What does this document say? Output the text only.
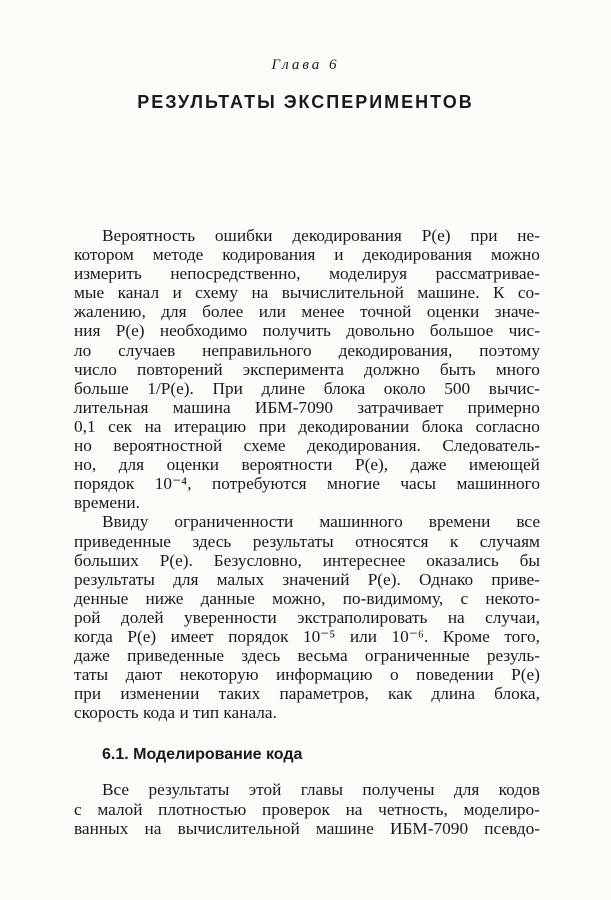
Глава 6
РЕЗУЛЬТАТЫ ЭКСПЕРИМЕНТОВ
Вероятность ошибки декодирования P(e) при не-
котором методе кодирования и декодирования можно
измерить непосредственно, моделируя рассматривае-
мые канал и схему на вычислительной машине. К со-
жалению, для более или менее точной оценки значе-
ния P(e) необходимо получить довольно большое чис-
ло случаев неправильного декодирования, поэтому
число повторений эксперимента должно быть много
больше 1/P(e). При длине блока около 500 вычис-
лительная машина ИБМ-7090 затрачивает примерно
0,1 сек на итерацию при декодировании блока согласно
но вероятностной схеме декодирования. Следователь-
но, для оценки вероятности P(e), даже имеющей
порядок 10⁻⁴, потребуются многие часы машинного
времени.
Ввиду ограниченности машинного времени все
приведенные здесь результаты относятся к случаям
больших P(e). Безусловно, интереснее оказались бы
результаты для малых значений P(e). Однако приве-
денные ниже данные можно, по-видимому, с некото-
рой долей уверенности экстраполировать на случаи,
когда P(e) имеет порядок 10⁻⁵ или 10⁻⁶. Кроме того,
даже приведенные здесь весьма ограниченные резуль-
таты дают некоторую информацию о поведении P(e)
при изменении таких параметров, как длина блока,
скорость кода и тип канала.
6.1. Моделирование кода
Все результаты этой главы получены для кодов
с малой плотностью проверок на четность, моделиро-
ванных на вычислительной машине ИБМ-7090 псевдо-
